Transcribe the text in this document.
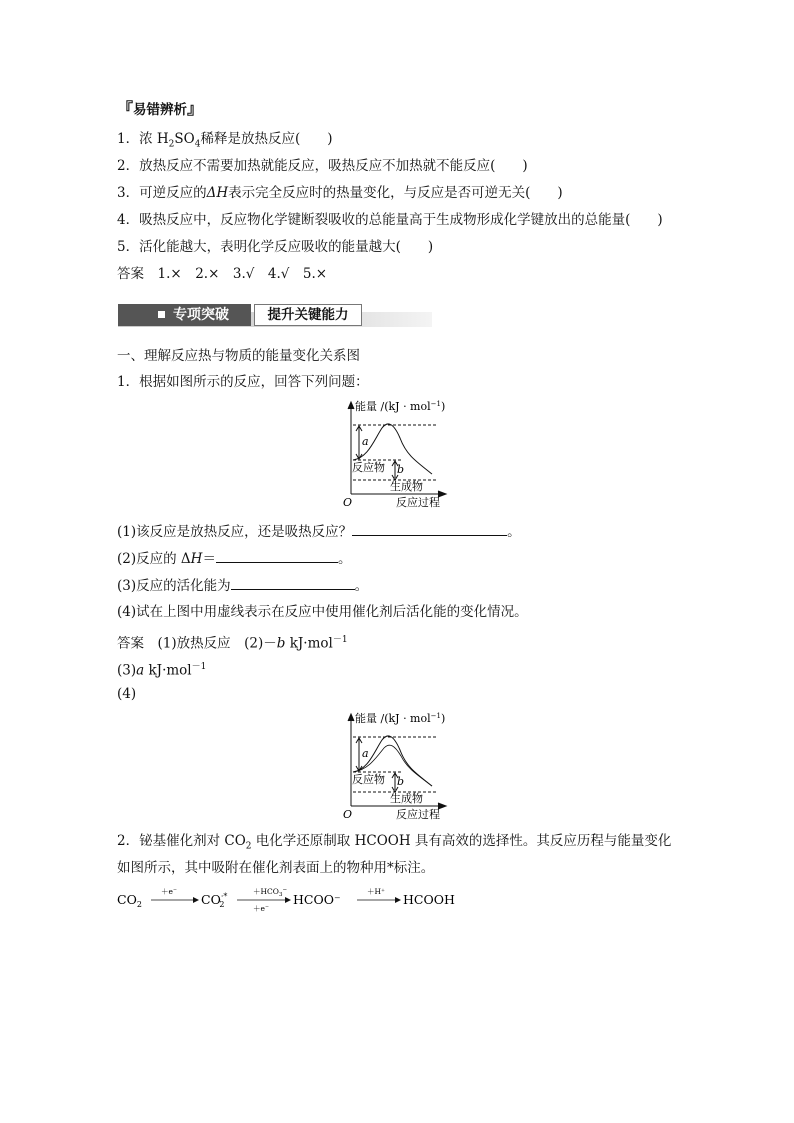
『易错辨析』
1．浓 $H_2SO_4$稀释是放热反应(　　)
2．放热反应不需要加热就能反应，吸热反应不加热就不能反应(　　)
3．可逆反应的ΔH表示完全反应时的热量变化，与反应是否可逆无关(　　)
4．吸热反应中，反应物化学键断裂吸收的总能量高于生成物形成化学键放出的总能量(　　)
5．活化能越大，表明化学反应吸收的能量越大(　　)
答案　 1.×　2.×　3.√　4.√　5.×
专项突破	提升关键能力
一、理解反应热与物质的能量变化关系图
1．根据如图所示的反应，回答下列问题：
能量 /(kJ · mol$^{-1}$)
a
b
反应物
生成物
O	反应过程
(1)该反应是放热反应，还是吸热反应？	。
(2)反应的 ΔH＝	。
(3)反应的活化能为	。
(4)试在上图中用虚线表示在反应中使用催化剂后活化能的变化情况。
答案　 (1)放热反应　(2)－b kJ·mol$^{-1}$
(3)a kJ·mol$^{-1}$
(4)
能量 /(kJ · mol$^{-1}$)
a
b
反应物
生成物
O	反应过程
2．铋基催化剂对 $CO_2$ 电化学还原制取 HCOOH 具有高效的选择性。其反应历程与能量变化
如图所示，其中吸附在催化剂表面上的物种用*标注。
$CO_2$
＋e⁻
CO·* 2
$+HCO_3^-$
＋e⁻
HCOO⁻
＋H⁺
HCOOH
